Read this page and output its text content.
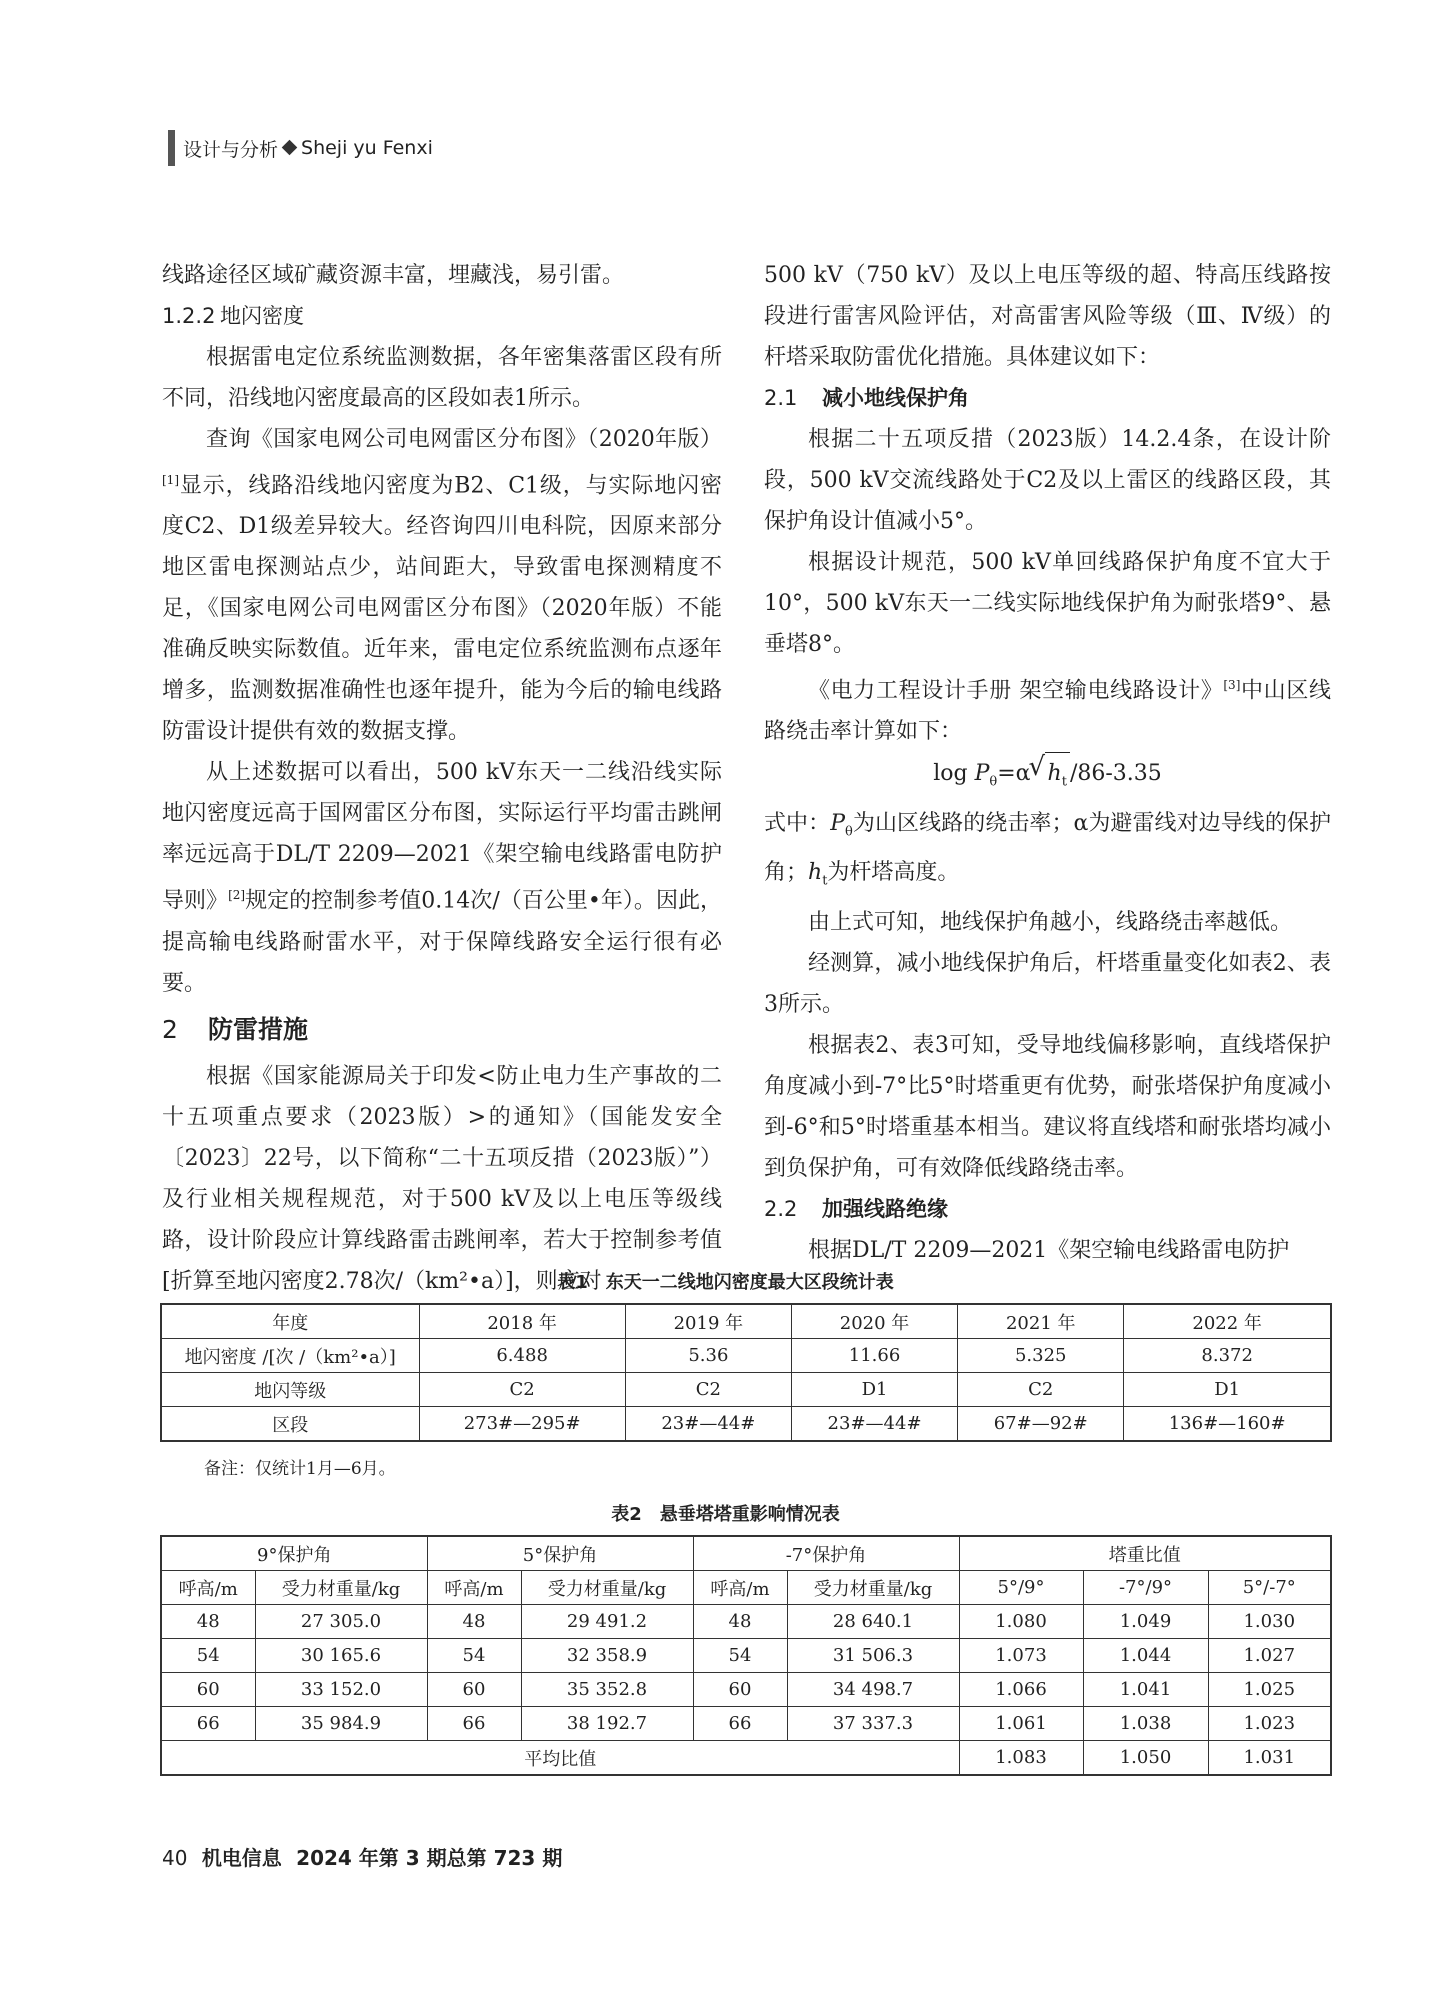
设计与分析 Sheji yu Fenxi

线路途径区域矿藏资源丰富，埋藏浅，易引雷。

1.2.2 地闪密度

根据雷电定位系统监测数据，各年密集落雷区段有所不同，沿线地闪密度最高的区段如表1所示。

查询《国家电网公司电网雷区分布图》（2020年版）[1]显示，线路沿线地闪密度为B2、C1级，与实际地闪密度C2、D1级差异较大。经咨询四川电科院，因原来部分地区雷电探测站点少，站间距大，导致雷电探测精度不足，《国家电网公司电网雷区分布图》（2020年版）不能准确反映实际数值。近年来，雷电定位系统监测布点逐年增多，监测数据准确性也逐年提升，能为今后的输电线路防雷设计提供有效的数据支撑。

从上述数据可以看出，500 kV东天一二线沿线实际地闪密度远高于国网雷区分布图，实际运行平均雷击跳闸率远远高于DL/T 2209—2021《架空输电线路雷电防护导则》[2]规定的控制参考值0.14次/（百公里•年）。因此，提高输电线路耐雷水平，对于保障线路安全运行很有必要。

2 防雷措施

根据《国家能源局关于印发<防止电力生产事故的二十五项重点要求（2023版）>的通知》（国能发安全〔2023〕22号，以下简称“二十五项反措（2023版）”）及行业相关规程规范，对于500 kV及以上电压等级线路，设计阶段应计算线路雷击跳闸率，若大于控制参考值[折算至地闪密度2.78次/（km²•a）]，则应对

500 kV（750 kV）及以上电压等级的超、特高压线路按段进行雷害风险评估，对高雷害风险等级（Ⅲ、Ⅳ级）的杆塔采取防雷优化措施。具体建议如下：

2.1 减小地线保护角

根据二十五项反措（2023版）14.2.4条，在设计阶段，500 kV交流线路处于C2及以上雷区的线路区段，其保护角设计值减小5°。

根据设计规范，500 kV单回线路保护角度不宜大于10°，500 kV东天一二线实际地线保护角为耐张塔9°、悬垂塔8°。

《电力工程设计手册 架空输电线路设计》[3]中山区线路绕击率计算如下：

$\log P_\theta=\alpha$ √ $h_t$ /86-3.35

式中：$P_\theta$为山区线路的绕击率；α为避雷线对边导线的保护角；$h_t$为杆塔高度。

由上式可知，地线保护角越小，线路绕击率越低。

经测算，减小地线保护角后，杆塔重量变化如表2、表3所示。

根据表2、表3可知，受导地线偏移影响，直线塔保护角度减小到-7°比5°时塔重更有优势，耐张塔保护角度减小到-6°和5°时塔重基本相当。建议将直线塔和耐张塔均减小到负保护角，可有效降低线路绕击率。

2.2 加强线路绝缘

根据DL/T 2209—2021《架空输电线路雷电防护

表1　东天一二线地闪密度最大区段统计表
年度	2018 年	2019 年	2020 年	2021 年	2022 年
地闪密度 /[次 /（km²•a）]	6.488	5.36	11.66	5.325	8.372
地闪等级	C2	C2	D1	C2	D1
区段	273#—295#	23#—44#	23#—44#	67#—92#	136#—160#
备注：仅统计1月—6月。
表2　悬垂塔塔重影响情况表
9°保护角		5°保护角		-7°保护角		塔重比值		
呼高/m	受力材重量/kg	呼高/m	受力材重量/kg	呼高/m	受力材重量/kg	5°/9°	-7°/9°	5°/-7°
48	27 305.0	48	29 491.2	48	28 640.1	1.080	1.049	1.030
54	30 165.6	54	32 358.9	54	31 506.3	1.073	1.044	1.027
60	33 152.0	60	35 352.8	60	34 498.7	1.066	1.041	1.025
66	35 984.9	66	38 192.7	66	37 337.3	1.061	1.038	1.023
平均比值						1.083	1.050	1.031
40 机电信息 2024 年第 3 期总第 723 期
